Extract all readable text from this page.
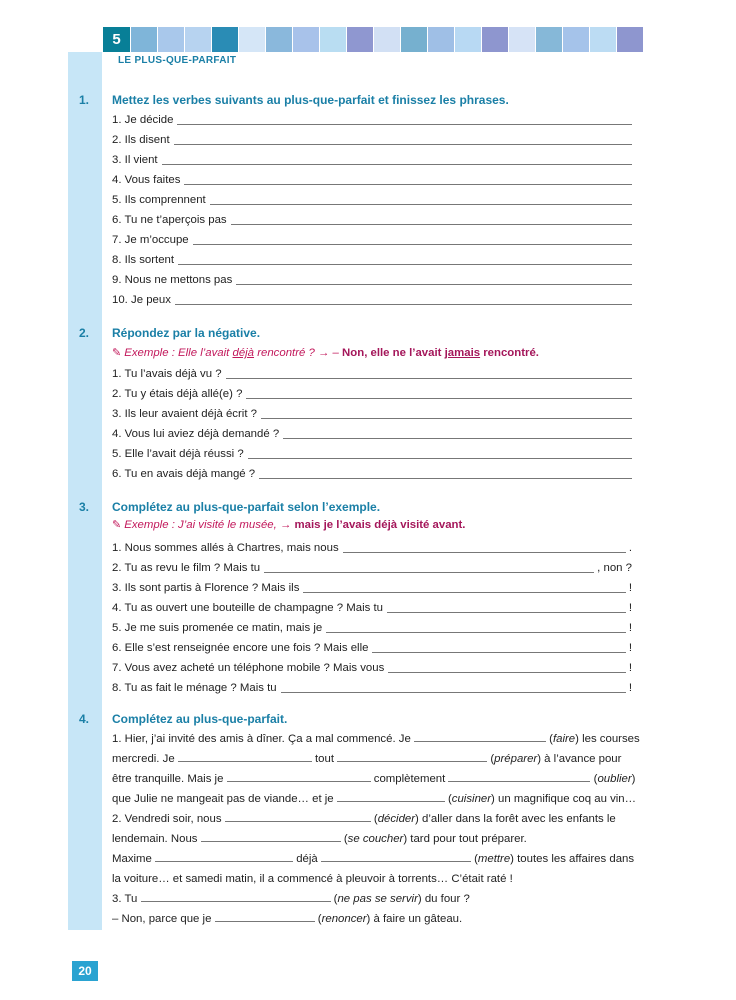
5
LE PLUS-QUE-PARFAIT
1. Mettez les verbes suivants au plus-que-parfait et finissez les phrases.
1. Je décide
2. Ils disent
3. Il vient
4. Vous faites
5. Ils comprennent
6. Tu ne t’aperçois pas
7. Je m’occupe
8. Ils sortent
9. Nous ne mettons pas
10. Je peux
2. Répondez par la négative.
✎ Exemple : Elle l’avait déjà rencontré ? → – Non, elle ne l’avait jamais rencontré.
1. Tu l’avais déjà vu ?
2. Tu y étais déjà allé(e) ?
3. Ils leur avaient déjà écrit ?
4. Vous lui aviez déjà demandé ?
5. Elle l’avait déjà réussi ?
6. Tu en avais déjà mangé ?
3. Complétez au plus-que-parfait selon l’exemple.
✎ Exemple : J’ai visité le musée, → mais je l’avais déjà visité avant.
1. Nous sommes allés à Chartres, mais nous	.
2. Tu as revu le film ? Mais tu	, non ?
3. Ils sont partis à Florence ? Mais ils	!
4. Tu as ouvert une bouteille de champagne ? Mais tu	!
5. Je me suis promenée ce matin, mais je	!
6. Elle s’est renseignée encore une fois ? Mais elle	!
7. Vous avez acheté un téléphone mobile ? Mais vous	!
8. Tu as fait le ménage ? Mais tu	!
4. Complétez au plus-que-parfait.
1. Hier, j’ai invité des amis à dîner. Ça a mal commencé. Je	(faire) les courses
mercredi. Je	tout	(préparer) à l’avance pour
être tranquille. Mais je	complètement	(oublier)
que Julie ne mangeait pas de viande… et je	(cuisiner) un magnifique coq au vin…
2. Vendredi soir, nous	(décider) d’aller dans la forêt avec les enfants le
lendemain. Nous	(se coucher) tard pour tout préparer.
Maxime	déjà	(mettre) toutes les affaires dans
la voiture… et samedi matin, il a commencé à pleuvoir à torrents… C’était raté !
3. Tu	(ne pas se servir) du four ?
– Non, parce que je	(renoncer) à faire un gâteau.
20
